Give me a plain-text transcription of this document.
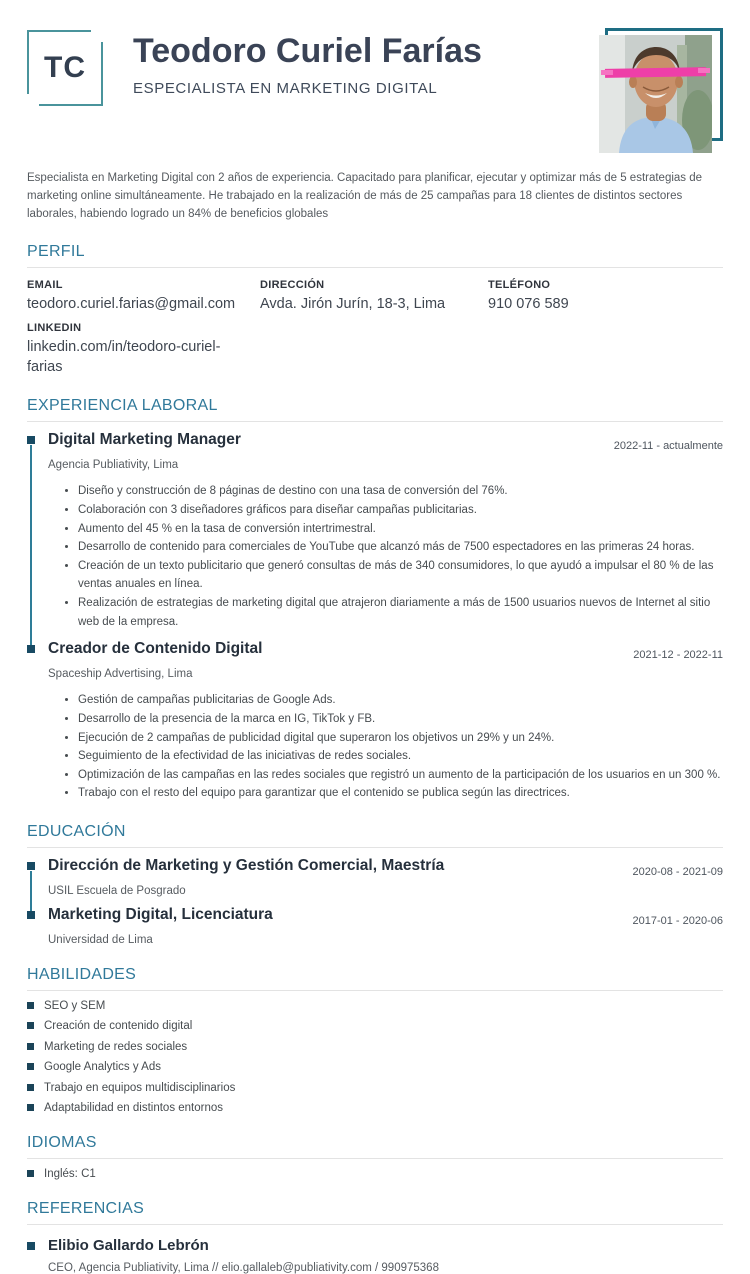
TC Teodoro Curiel Farías
ESPECIALISTA EN MARKETING DIGITAL

Especialista en Marketing Digital con 2 años de experiencia. Capacitado para planificar, ejecutar y optimizar más de 5 estrategias de marketing online simultáneamente. He trabajado en la realización de más de 25 campañas para 18 clientes de distintos sectores laborales, habiendo logrado un 84% de beneficios globales

PERFIL
EMAIL
teodoro.curiel.farias@gmail.com
LINKEDIN
linkedin.com/in/teodoro-curiel-farias
DIRECCIÓN
Avda. Jirón Jurín, 18-3, Lima
TELÉFONO
910 076 589
EXPERIENCIA LABORAL
Digital Marketing Manager	2022-11 - actualmente
Agencia Publiativity, Lima
• Diseño y construcción de 8 páginas de destino con una tasa de conversión del 76%.
• Colaboración con 3 diseñadores gráficos para diseñar campañas publicitarias.
• Aumento del 45 % en la tasa de conversión intertrimestral.
• Desarrollo de contenido para comerciales de YouTube que alcanzó más de 7500 espectadores en las primeras 24 horas.
• Creación de un texto publicitario que generó consultas de más de 340 consumidores, lo que ayudó a impulsar el 80 % de las ventas anuales en línea.
• Realización de estrategias de marketing digital que atrajeron diariamente a más de 1500 usuarios nuevos de Internet al sitio web de la empresa.
Creador de Contenido Digital	2021-12 - 2022-11
Spaceship Advertising, Lima
• Gestión de campañas publicitarias de Google Ads.
• Desarrollo de la presencia de la marca en IG, TikTok y FB.
• Ejecución de 2 campañas de publicidad digital que superaron los objetivos un 29% y un 24%.
• Seguimiento de la efectividad de las iniciativas de redes sociales.
• Optimización de las campañas en las redes sociales que registró un aumento de la participación de los usuarios en un 300 %.
• Trabajo con el resto del equipo para garantizar que el contenido se publica según las directrices.
EDUCACIÓN
Dirección de Marketing y Gestión Comercial, Maestría	2020-08 - 2021-09
USIL Escuela de Posgrado
Marketing Digital, Licenciatura	2017-01 - 2020-06
Universidad de Lima
HABILIDADES
SEO y SEM
Creación de contenido digital
Marketing de redes sociales
Google Analytics y Ads
Trabajo en equipos multidisciplinarios
Adaptabilidad en distintos entornos
IDIOMAS
Inglés: C1
REFERENCIAS
Elibio Gallardo Lebrón
CEO, Agencia Publiativity, Lima // elio.gallaleb@publiativity.com / 990975368
